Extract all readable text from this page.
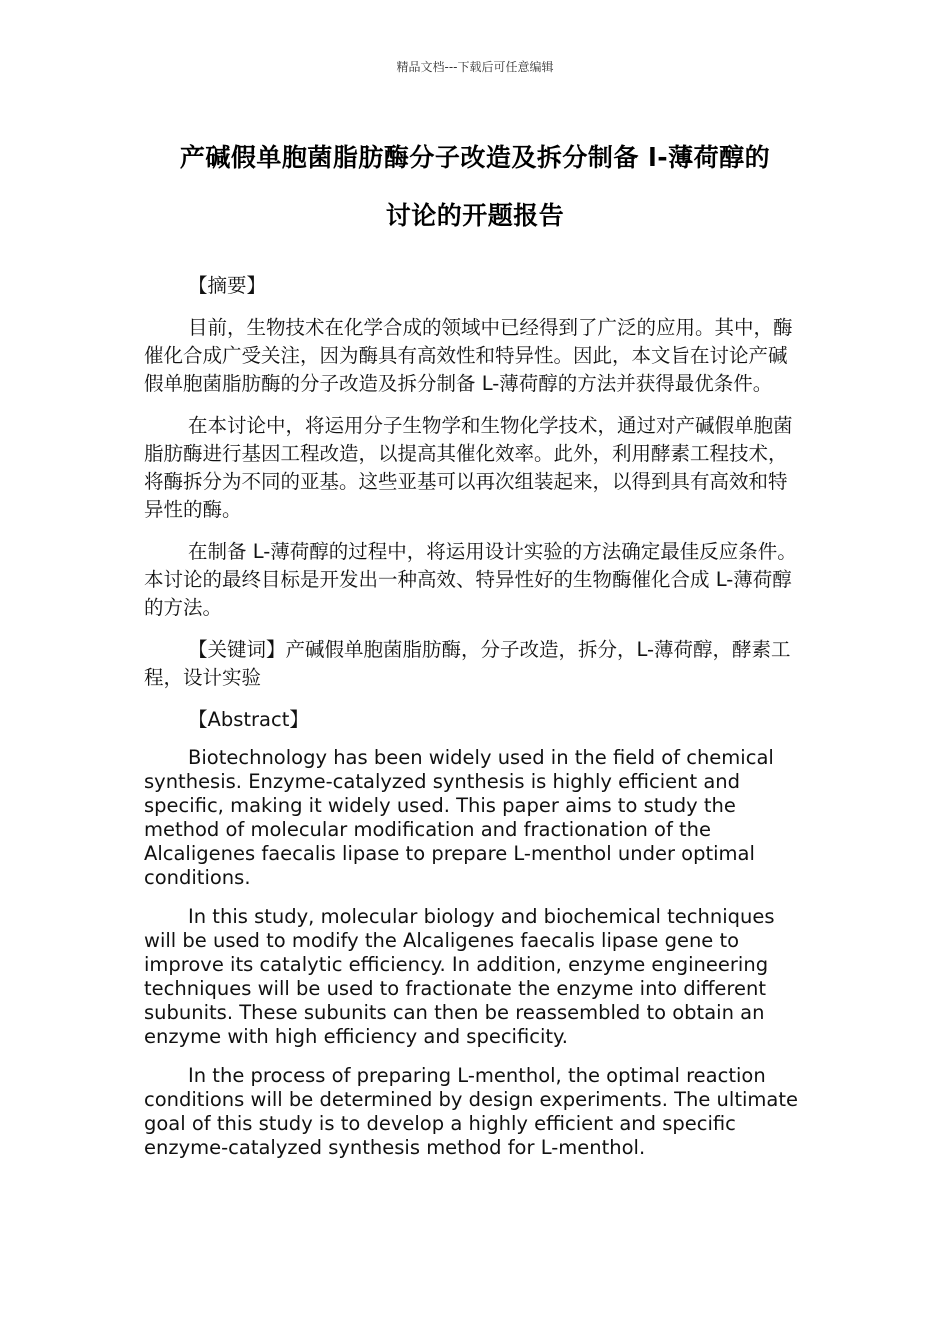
精品文档---下载后可任意编辑
产碱假单胞菌脂肪酶分子改造及拆分制备 l-薄荷醇的
讨论的开题报告

【摘要】

目前，生物技术在化学合成的领域中已经得到了广泛的应用。其中，酶催化合成广受关注，因为酶具有高效性和特异性。因此，本文旨在讨论产碱假单胞菌脂肪酶的分子改造及拆分制备 L-薄荷醇的方法并获得最优条件。

在本讨论中，将运用分子生物学和生物化学技术，通过对产碱假单胞菌脂肪酶进行基因工程改造，以提高其催化效率。此外，利用酵素工程技术，将酶拆分为不同的亚基。这些亚基可以再次组装起来，以得到具有高效和特异性的酶。

在制备 L-薄荷醇的过程中，将运用设计实验的方法确定最佳反应条件。本讨论的最终目标是开发出一种高效、特异性好的生物酶催化合成 L-薄荷醇的方法。

【关键词】产碱假单胞菌脂肪酶，分子改造，拆分，L-薄荷醇，酵素工程，设计实验

【Abstract】

Biotechnology has been widely used in the field of chemical synthesis. Enzyme-catalyzed synthesis is highly efficient and specific, making it widely used. This paper aims to study the method of molecular modification and fractionation of the Alcaligenes faecalis lipase to prepare L-menthol under optimal conditions.

In this study, molecular biology and biochemical techniques will be used to modify the Alcaligenes faecalis lipase gene to improve its catalytic efficiency. In addition, enzyme engineering techniques will be used to fractionate the enzyme into different subunits. These subunits can then be reassembled to obtain an enzyme with high efficiency and specificity.

In the process of preparing L-menthol, the optimal reaction conditions will be determined by design experiments. The ultimate goal of this study is to develop a highly efficient and specific enzyme-catalyzed synthesis method for L-menthol.
